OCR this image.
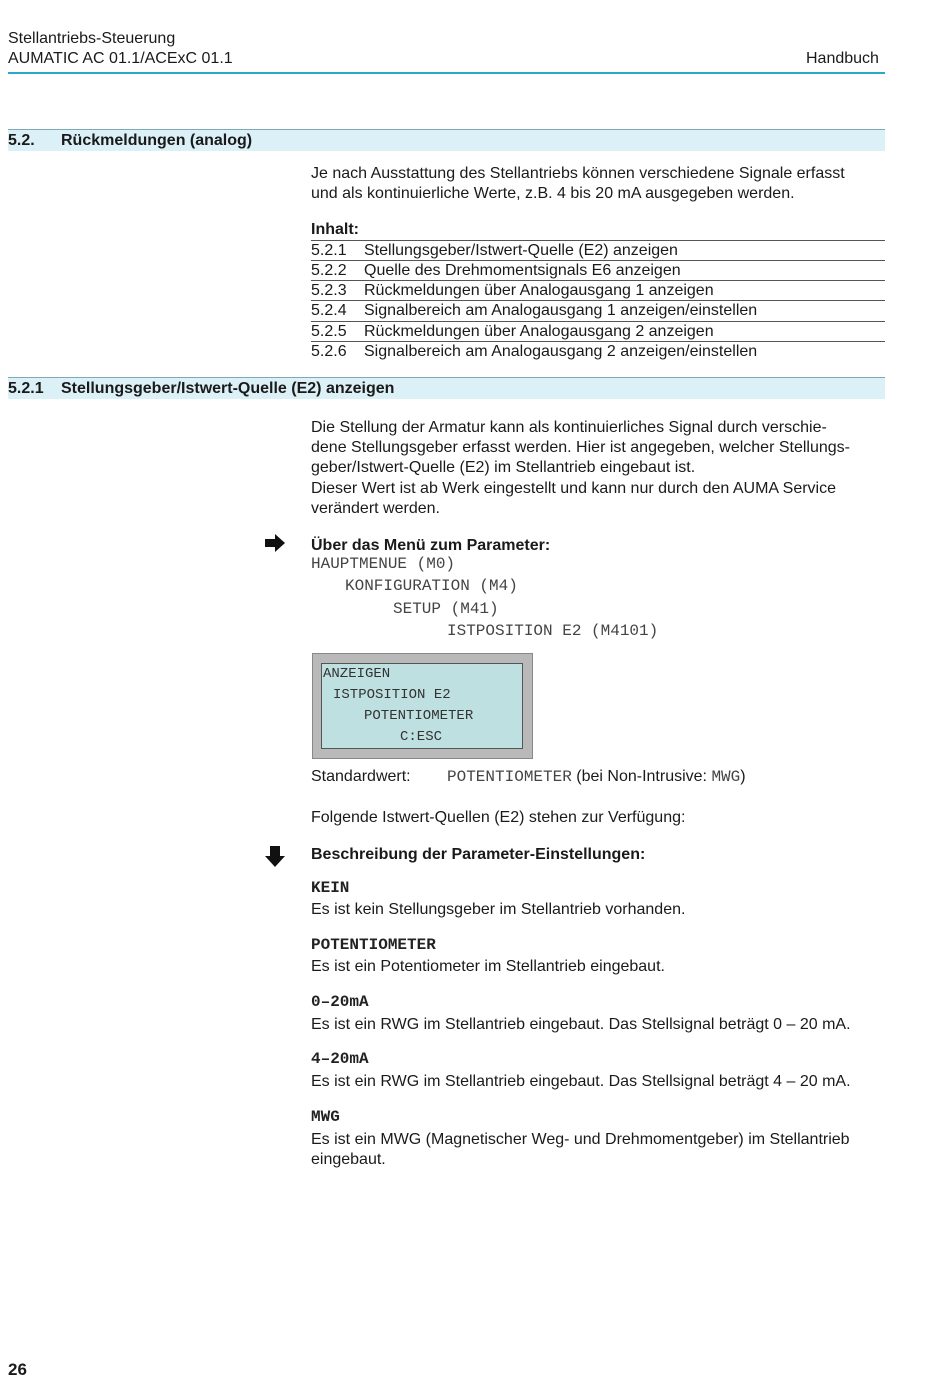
Stellantriebs-Steuerung
AUMATIC AC 01.1/ACExC 01.1	Handbuch
5.2. Rückmeldungen (analog)
Je nach Ausstattung des Stellantriebs können verschiedene Signale erfasst
und als kontinuierliche Werte, z.B. 4 bis 20 mA ausgegeben werden.
Inhalt:
5.2.1 Stellungsgeber/Istwert-Quelle (E2) anzeigen
5.2.2 Quelle des Drehmomentsignals E6 anzeigen
5.2.3 Rückmeldungen über Analogausgang 1 anzeigen
5.2.4 Signalbereich am Analogausgang 1 anzeigen/einstellen
5.2.5 Rückmeldungen über Analogausgang 2 anzeigen
5.2.6 Signalbereich am Analogausgang 2 anzeigen/einstellen
5.2.1 Stellungsgeber/Istwert-Quelle (E2) anzeigen
Die Stellung der Armatur kann als kontinuierliches Signal durch verschie-
dene Stellungsgeber erfasst werden. Hier ist angegeben, welcher Stellungs-
geber/Istwert-Quelle (E2) im Stellantrieb eingebaut ist.
Dieser Wert ist ab Werk eingestellt und kann nur durch den AUMA Service
verändert werden.
Über das Menü zum Parameter:
HAUPTMENUE (M0)
KONFIGURATION (M4)
SETUP (M41)
ISTPOSITION E2 (M4101)
ANZEIGEN
ISTPOSITION E2
POTENTIOMETER
C:ESC
Standardwert: POTENTIOMETER (bei Non-Intrusive: MWG)
Folgende Istwert-Quellen (E2) stehen zur Verfügung:
Beschreibung der Parameter-Einstellungen:
KEIN
Es ist kein Stellungsgeber im Stellantrieb vorhanden.
POTENTIOMETER
Es ist ein Potentiometer im Stellantrieb eingebaut.
0–20mA
Es ist ein RWG im Stellantrieb eingebaut. Das Stellsignal beträgt 0 – 20 mA.
4–20mA
Es ist ein RWG im Stellantrieb eingebaut. Das Stellsignal beträgt 4 – 20 mA.
MWG
Es ist ein MWG (Magnetischer Weg- und Drehmomentgeber) im Stellantrieb
eingebaut.
26
